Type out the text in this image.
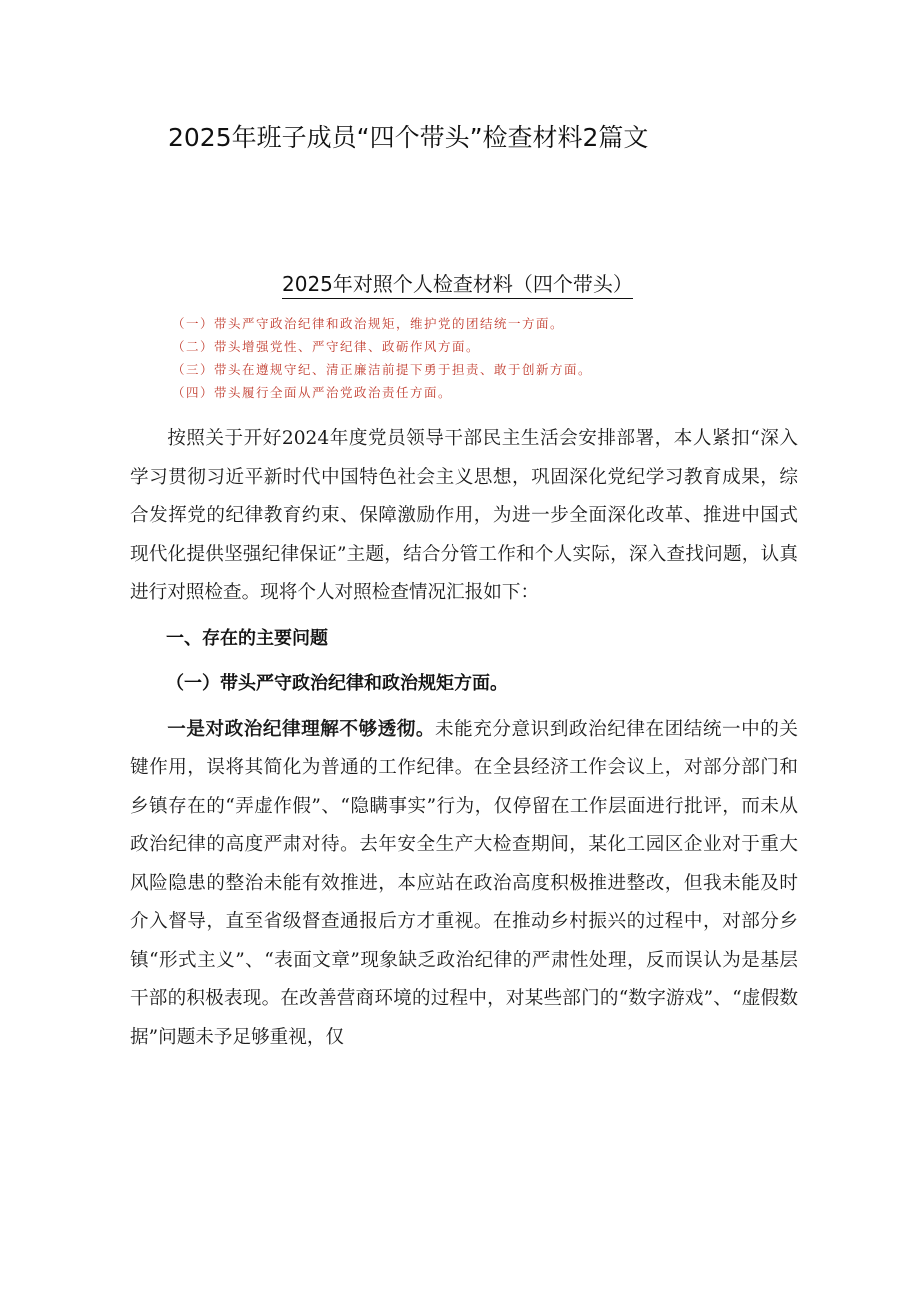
2025年班子成员“四个带头”检查材料2篇文
2025年对照个人检查材料（四个带头）
（一）带头严守政治纪律和政治规矩，维护党的团结统一方面。
（二）带头增强党性、严守纪律、政砺作风方面。
（三）带头在遵规守纪、清正廉洁前提下勇于担责、敢于创新方面。
（四）带头履行全面从严治党政治责任方面。

按照关于开好2024年度党员领导干部民主生活会安排部署，本人紧扣“深入学习贯彻习近平新时代中国特色社会主义思想，巩固深化党纪学习教育成果，综合发挥党的纪律教育约束、保障激励作用，为进一步全面深化改革、推进中国式现代化提供坚强纪律保证”主题，结合分管工作和个人实际，深入查找问题，认真进行对照检查。现将个人对照检查情况汇报如下：

一、存在的主要问题

（一）带头严守政治纪律和政治规矩方面。

一是对政治纪律理解不够透彻。未能充分意识到政治纪律在团结统一中的关键作用，误将其简化为普通的工作纪律。在全县经济工作会议上，对部分部门和乡镇存在的“弄虚作假”、“隐瞒事实”行为，仅停留在工作层面进行批评，而未从政治纪律的高度严肃对待。去年安全生产大检查期间，某化工园区企业对于重大风险隐患的整治未能有效推进，本应站在政治高度积极推进整改，但我未能及时介入督导，直至省级督查通报后方才重视。在推动乡村振兴的过程中，对部分乡镇“形式主义”、“表面文章”现象缺乏政治纪律的严肃性处理，反而误认为是基层干部的积极表现。在改善营商环境的过程中，对某些部门的“数字游戏”、“虚假数据”问题未予足够重视，仅
